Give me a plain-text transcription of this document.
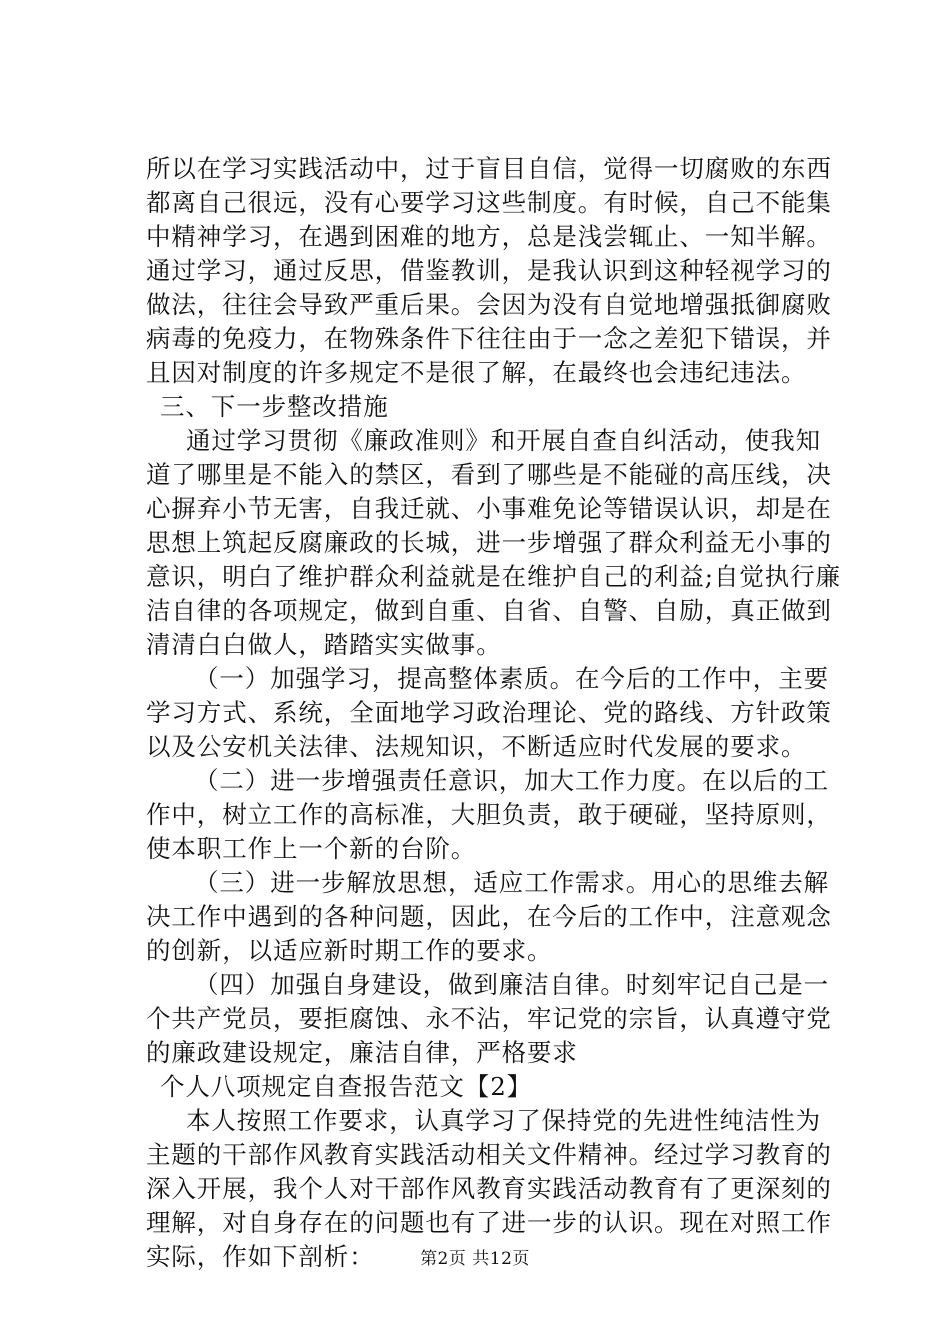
所以在学习实践活动中，过于盲目自信，觉得一切腐败的东西
都离自己很远，没有心要学习这些制度。有时候，自己不能集
中精神学习，在遇到困难的地方，总是浅尝辄止、一知半解。
通过学习，通过反思，借鉴教训，是我认识到这种轻视学习的
做法，往往会导致严重后果。会因为没有自觉地增强抵御腐败
病毒的免疫力，在物殊条件下往往由于一念之差犯下错误，并
且因对制度的许多规定不是很了解，在最终也会违纪违法。
三、下一步整改措施
通过学习贯彻《廉政准则》和开展自查自纠活动，使我知
道了哪里是不能入的禁区，看到了哪些是不能碰的高压线，决
心摒弃小节无害，自我迁就、小事难免论等错误认识，却是在
思想上筑起反腐廉政的长城，进一步增强了群众利益无小事的
意识，明白了维护群众利益就是在维护自己的利益;自觉执行廉
洁自律的各项规定，做到自重、自省、自警、自励，真正做到
清清白白做人，踏踏实实做事。
（一）加强学习，提高整体素质。在今后的工作中，主要
学习方式、系统，全面地学习政治理论、党的路线、方针政策
以及公安机关法律、法规知识，不断适应时代发展的要求。
（二）进一步增强责任意识，加大工作力度。在以后的工
作中，树立工作的高标准，大胆负责，敢于硬碰，坚持原则，
使本职工作上一个新的台阶。
（三）进一步解放思想，适应工作需求。用心的思维去解
决工作中遇到的各种问题，因此，在今后的工作中，注意观念
的创新，以适应新时期工作的要求。
（四）加强自身建设，做到廉洁自律。时刻牢记自己是一
个共产党员，要拒腐蚀、永不沾，牢记党的宗旨，认真遵守党
的廉政建设规定，廉洁自律，严格要求
个人八项规定自查报告范文【2】
本人按照工作要求，认真学习了保持党的先进性纯洁性为
主题的干部作风教育实践活动相关文件精神。经过学习教育的
深入开展，我个人对干部作风教育实践活动教育有了更深刻的
理解，对自身存在的问题也有了进一步的认识。现在对照工作
实际，作如下剖析：	第2页 共12页
